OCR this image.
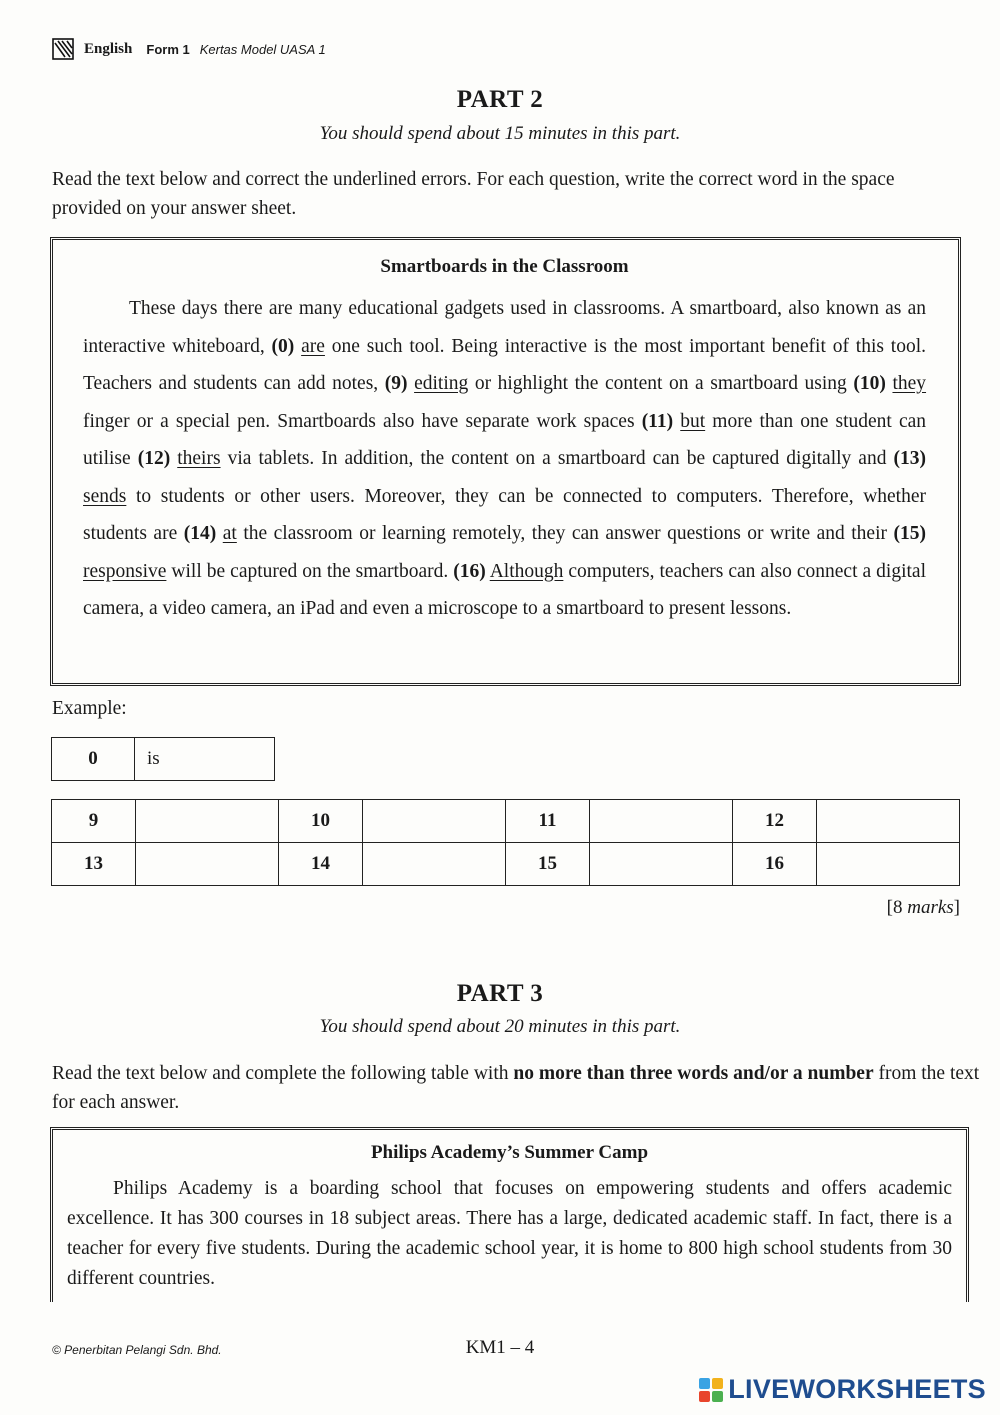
English Form 1 Kertas Model UASA 1
PART 2
You should spend about 15 minutes in this part.
Read the text below and correct the underlined errors. For each question, write the correct word in the space provided on your answer sheet.
Smartboards in the Classroom
These days there are many educational gadgets used in classrooms. A smartboard, also known as an interactive whiteboard, (0) are one such tool. Being interactive is the most important benefit of this tool. Teachers and students can add notes, (9) editing or highlight the content on a smartboard using (10) they finger or a special pen. Smartboards also have separate work spaces (11) but more than one student can utilise (12) theirs via tablets. In addition, the content on a smartboard can be captured digitally and (13) sends to students or other users. Moreover, they can be connected to computers. Therefore, whether students are (14) at the classroom or learning remotely, they can answer questions or write and their (15) responsive will be captured on the smartboard. (16) Although computers, teachers can also connect a digital camera, a video camera, an iPad and even a microscope to a smartboard to present lessons.
Example:
0	is
9		10		11		12	
13		14		15		16	
[8 marks]
PART 3
You should spend about 20 minutes in this part.
Read the text below and complete the following table with no more than three words and/or a number from the text for each answer.
Philips Academy’s Summer Camp
Philips Academy is a boarding school that focuses on empowering students and offers academic excellence. It has 300 courses in 18 subject areas. There has a large, dedicated academic staff. In fact, there is a teacher for every five students. During the academic school year, it is home to 800 high school students from 30 different countries.
© Penerbitan Pelangi Sdn. Bhd.	KM1 – 4
LIVEWORKSHEETS
